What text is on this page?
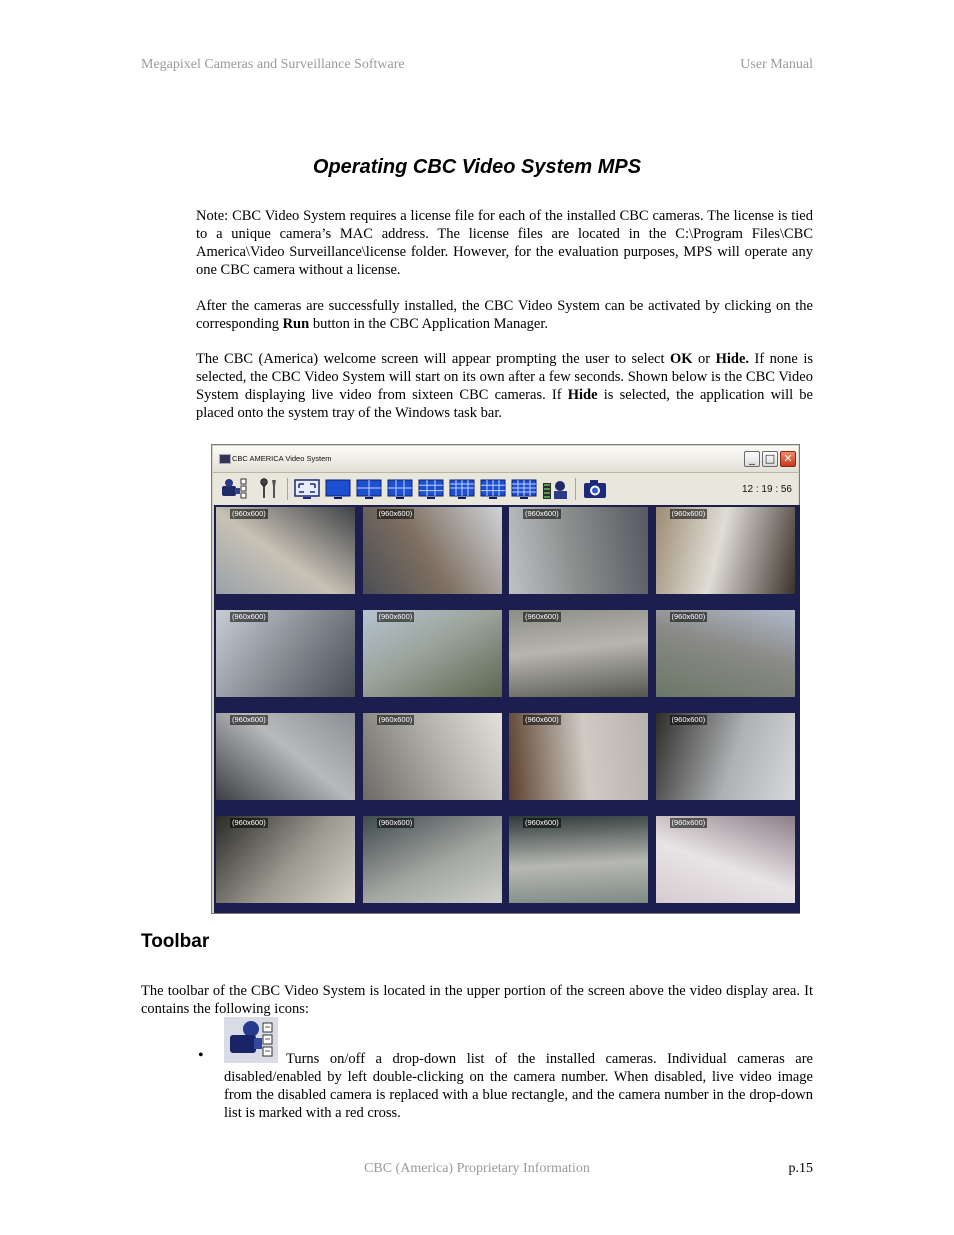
Megapixel Cameras and Surveillance Software	User Manual
Operating CBC Video System MPS

Note: CBC Video System requires a license file for each of the installed CBC cameras. The license is tied to a unique camera’s MAC address. The license files are located in the C:\Program Files\CBC America\Video Surveillance\license folder. However, for the evaluation purposes, MPS will operate any one CBC camera without a license.

After the cameras are successfully installed, the CBC Video System can be activated by clicking on the corresponding Run button in the CBC Application Manager.

The CBC (America) welcome screen will appear prompting the user to select OK or Hide. If none is selected, the CBC Video System will start on its own after a few seconds. Shown below is the CBC Video System displaying live video from sixteen CBC cameras. If Hide is selected, the application will be placed onto the system tray of the Windows task bar.

CBC AMERICA Video System	_ □ ✕
12 : 19 : 56
(960x600)	(960x600)	(960x600)	(960x600)
(960x600)	(960x600)	(960x600)	(960x600)
(960x600)	(960x600)	(960x600)	(960x600)
(960x600)	(960x600)	(960x600)	(960x600)
Toolbar

The toolbar of the CBC Video System is located in the upper portion of the screen above the video display area. It contains the following icons:

•	Turns on/off a drop-down list of the installed cameras. Individual cameras are disabled/enabled by left double-clicking on the camera number. When disabled, live video image from the disabled camera is replaced with a blue rectangle, and the camera number in the drop-down list is marked with a red cross.

CBC (America) Proprietary Information	p.15
